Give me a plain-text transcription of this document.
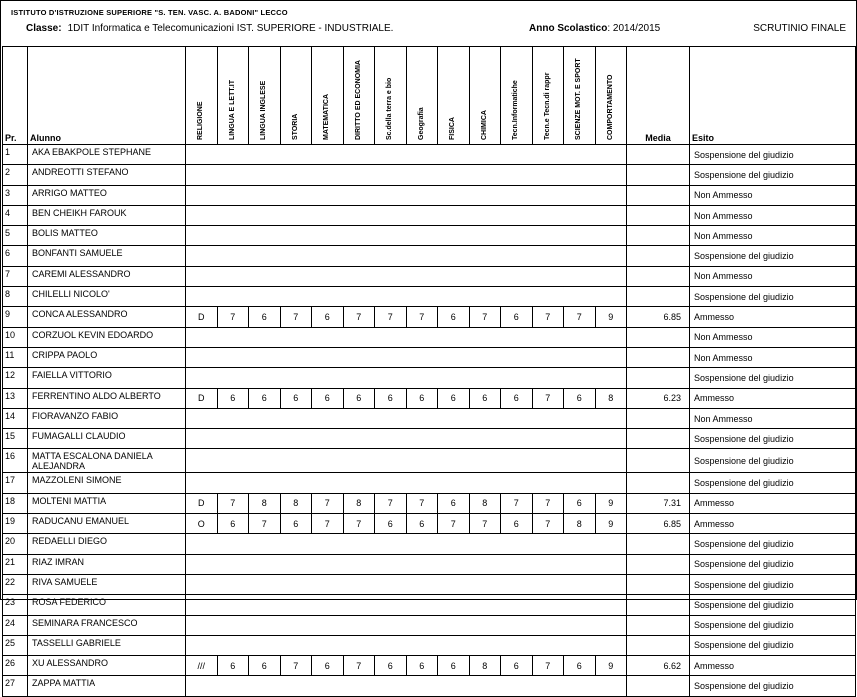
ISTITUTO D'ISTRUZIONE SUPERIORE "S. TEN. VASC. A. BADONI" LECCO
Classe: 1DIT Informatica e Telecomunicazioni IST. SUPERIORE - INDUSTRIALE.	Anno Scolastico: 2014/2015	SCRUTINIO FINALE
Pr.	Alunno	RELIGIONE	LINGUA E LETT.IT	LINGUA INGLESE	STORIA	MATEMATICA	DIRITTO ED ECONOMIA	Sc.della terra e bio	Geografia	FISICA	CHIMICA	Tecn.Informatiche	Tecn.e Tecn.di rappr	SCIENZE MOT. E SPORT	COMPORTAMENTO	Media	Esito
1	AKA EBAKPOLE STEPHANE																Sospensione del giudizio
2	ANDREOTTI STEFANO																Sospensione del giudizio
3	ARRIGO MATTEO																Non Ammesso
4	BEN CHEIKH FAROUK																Non Ammesso
5	BOLIS MATTEO																Non Ammesso
6	BONFANTI SAMUELE																Sospensione del giudizio
7	CAREMI ALESSANDRO																Non Ammesso
8	CHILELLI NICOLO'																Sospensione del giudizio
9	CONCA ALESSANDRO	D	7	6	7	6	7	7	7	6	7	6	7	7	9	6.85	Ammesso
10	CORZUOL KEVIN EDOARDO																Non Ammesso
11	CRIPPA PAOLO																Non Ammesso
12	FAIELLA VITTORIO																Sospensione del giudizio
13	FERRENTINO ALDO ALBERTO	D	6	6	6	6	6	6	6	6	6	6	7	6	8	6.23	Ammesso
14	FIORAVANZO FABIO																Non Ammesso
15	FUMAGALLI CLAUDIO																Sospensione del giudizio
16	MATTA ESCALONA DANIELA ALEJANDRA																Sospensione del giudizio
17	MAZZOLENI SIMONE																Sospensione del giudizio
18	MOLTENI MATTIA	D	7	8	8	7	8	7	7	6	8	7	7	6	9	7.31	Ammesso
19	RADUCANU EMANUEL	O	6	7	6	7	7	6	6	7	7	6	7	8	9	6.85	Ammesso
20	REDAELLI DIEGO																Sospensione del giudizio
21	RIAZ IMRAN																Sospensione del giudizio
22	RIVA SAMUELE																Sospensione del giudizio
23	ROSA FEDERICO																Sospensione del giudizio
24	SEMINARA FRANCESCO																Sospensione del giudizio
25	TASSELLI GABRIELE																Sospensione del giudizio
26	XU ALESSANDRO	///	6	6	7	6	7	6	6	6	8	6	7	6	9	6.62	Ammesso
27	ZAPPA MATTIA																Sospensione del giudizio
